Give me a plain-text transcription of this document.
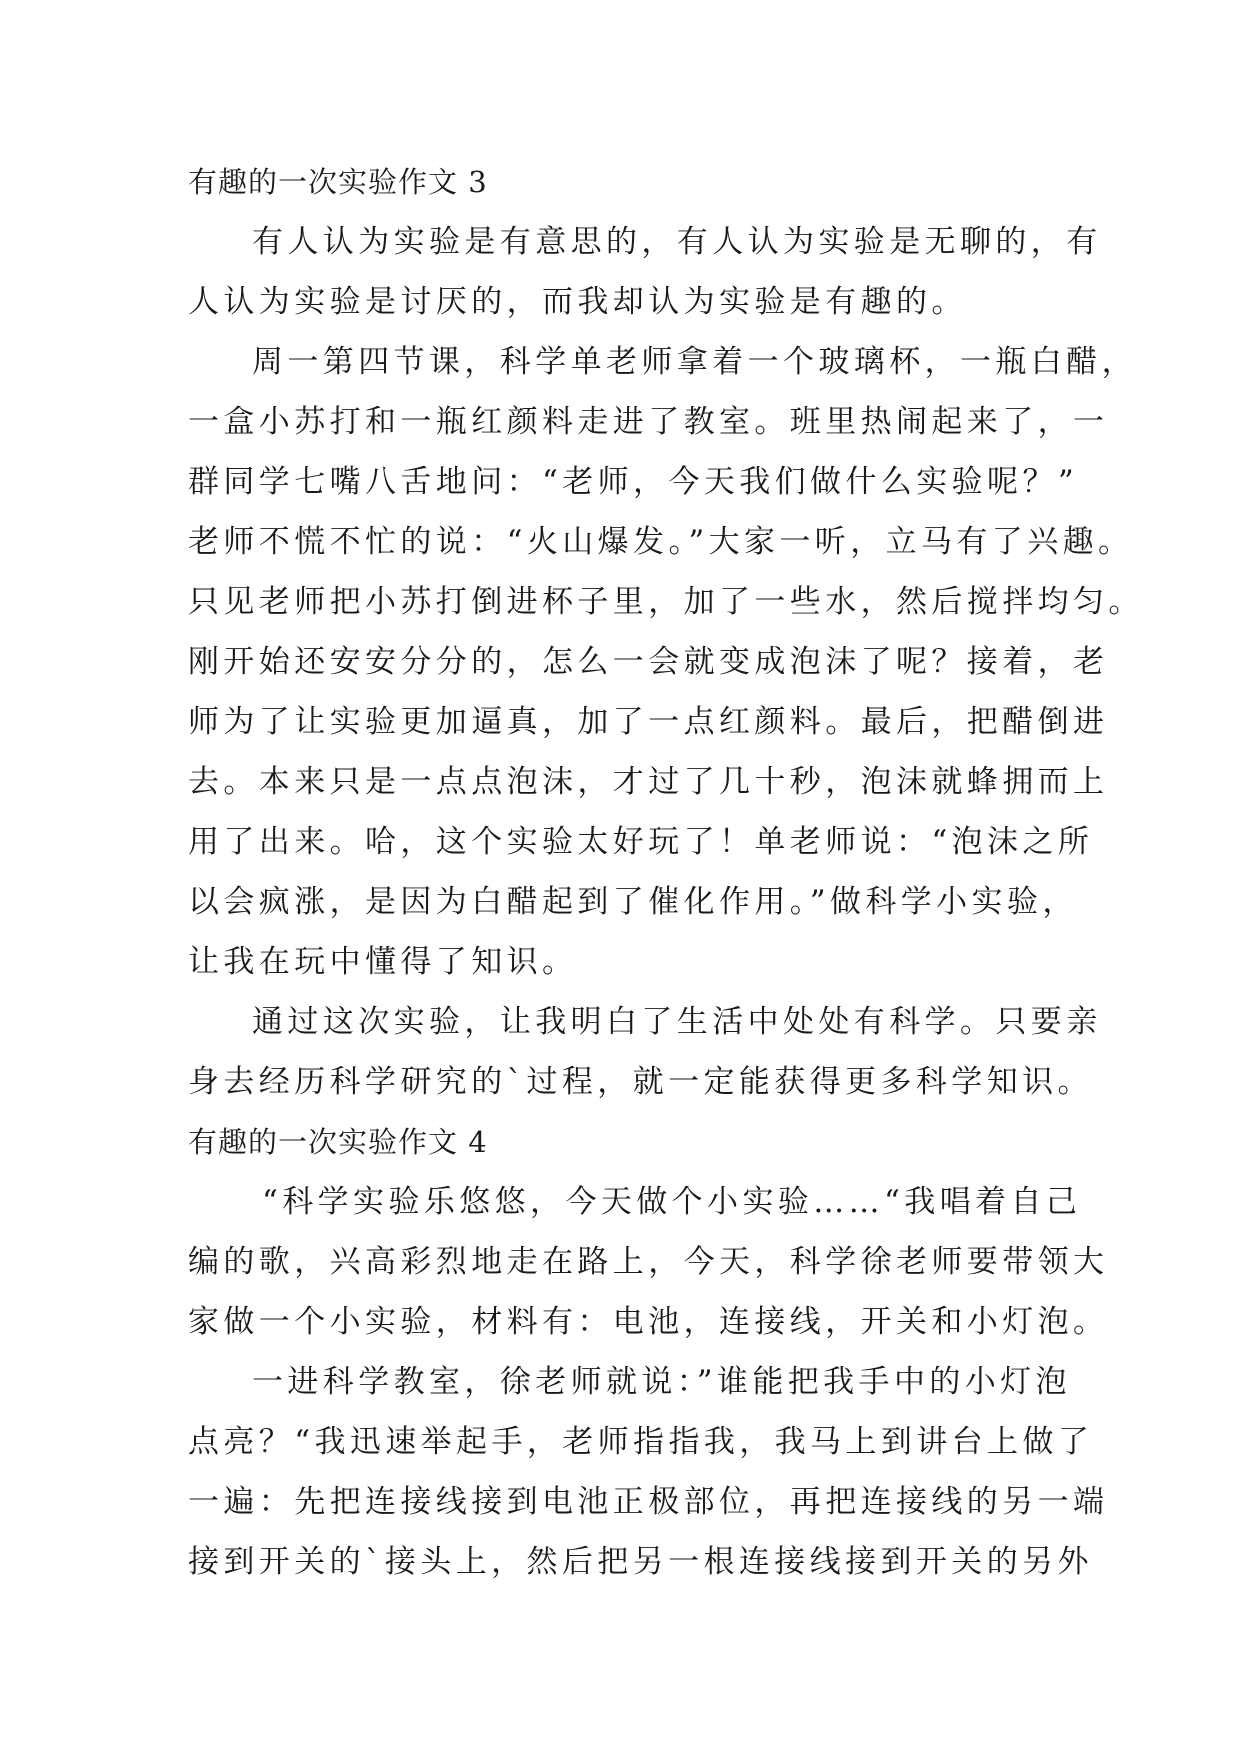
有趣的一次实验作文 3
有人认为实验是有意思的，有人认为实验是无聊的，有
人认为实验是讨厌的，而我却认为实验是有趣的。
周一第四节课，科学单老师拿着一个玻璃杯，一瓶白醋，
一盒小苏打和一瓶红颜料走进了教室。班里热闹起来了，一
群同学七嘴八舌地问：“老师，今天我们做什么实验呢？”
老师不慌不忙的说：“火山爆发。”大家一听，立马有了兴趣。
只见老师把小苏打倒进杯子里，加了一些水，然后搅拌均匀。
刚开始还安安分分的，怎么一会就变成泡沫了呢？接着，老
师为了让实验更加逼真，加了一点红颜料。最后，把醋倒进
去。本来只是一点点泡沫，才过了几十秒，泡沫就蜂拥而上
用了出来。哈，这个实验太好玩了！单老师说：“泡沫之所
以会疯涨，是因为白醋起到了催化作用。”做科学小实验，
让我在玩中懂得了知识。
通过这次实验，让我明白了生活中处处有科学。只要亲
身去经历科学研究的`过程，就一定能获得更多科学知识。
有趣的一次实验作文 4
“科学实验乐悠悠，今天做个小实验……“我唱着自己
编的歌，兴高彩烈地走在路上，今天，科学徐老师要带领大
家做一个小实验，材料有：电池，连接线，开关和小灯泡。
一进科学教室，徐老师就说：”谁能把我手中的小灯泡
点亮？“我迅速举起手，老师指指我，我马上到讲台上做了
一遍：先把连接线接到电池正极部位，再把连接线的另一端
接到开关的`接头上，然后把另一根连接线接到开关的另外
